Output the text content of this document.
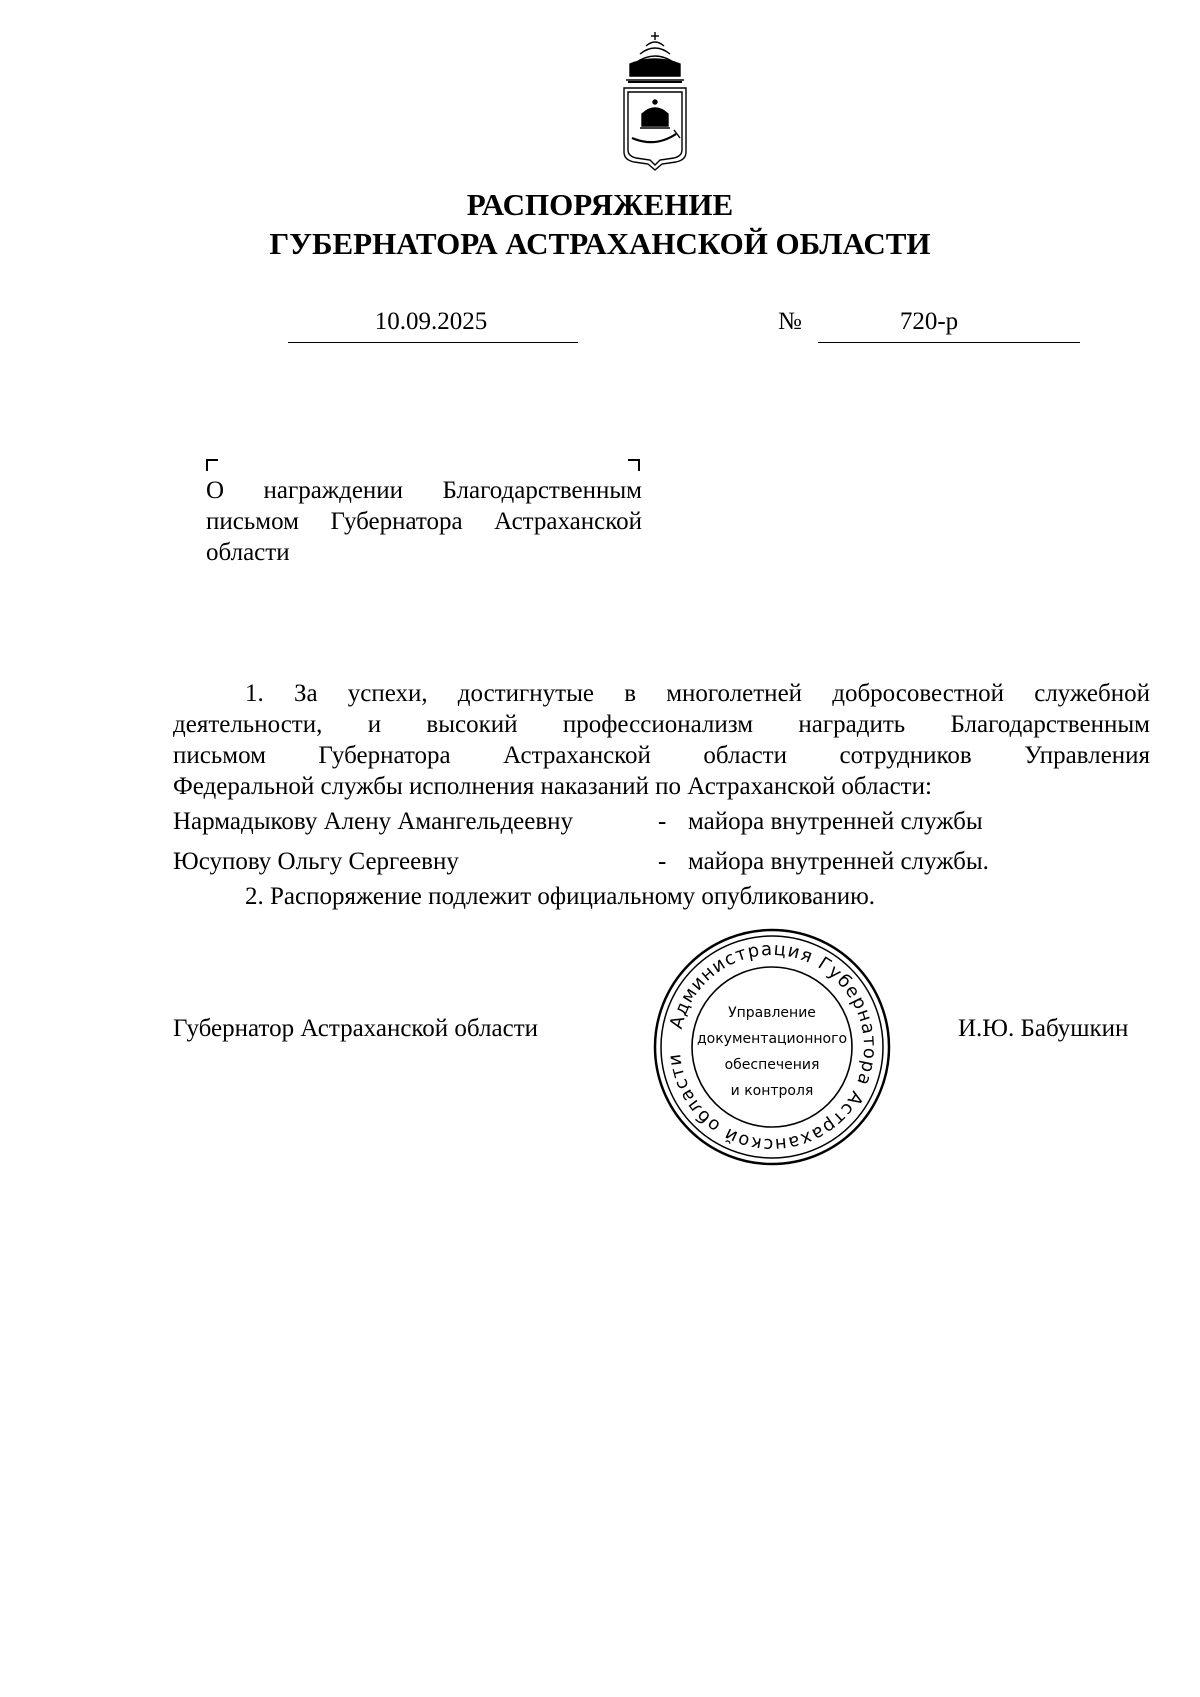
РАСПОРЯЖЕНИЕ
ГУБЕРНАТОРА АСТРАХАНСКОЙ ОБЛАСТИ
10.09.2025	№	720-р
О награждении Благодарственным
письмом Губернатора Астраханской
области
1. За успехи, достигнутые в многолетней добросовестной служебной
деятельности, и высокий профессионализм наградить Благодарственным
письмом Губернатора Астраханской области сотрудников Управления
Федеральной службы исполнения наказаний по Астраханской области:
Нармадыкову Алену Амангельдеевну	- майора внутренней службы
Юсупову Ольгу Сергеевну	- майора внутренней службы.
2. Распоряжение подлежит официальному опубликованию.
Губернатор Астраханской области	И.Ю. Бабушкин
Администрация Губернатора Астраханской области
Управление
документационного
обеспечения
и контроля
